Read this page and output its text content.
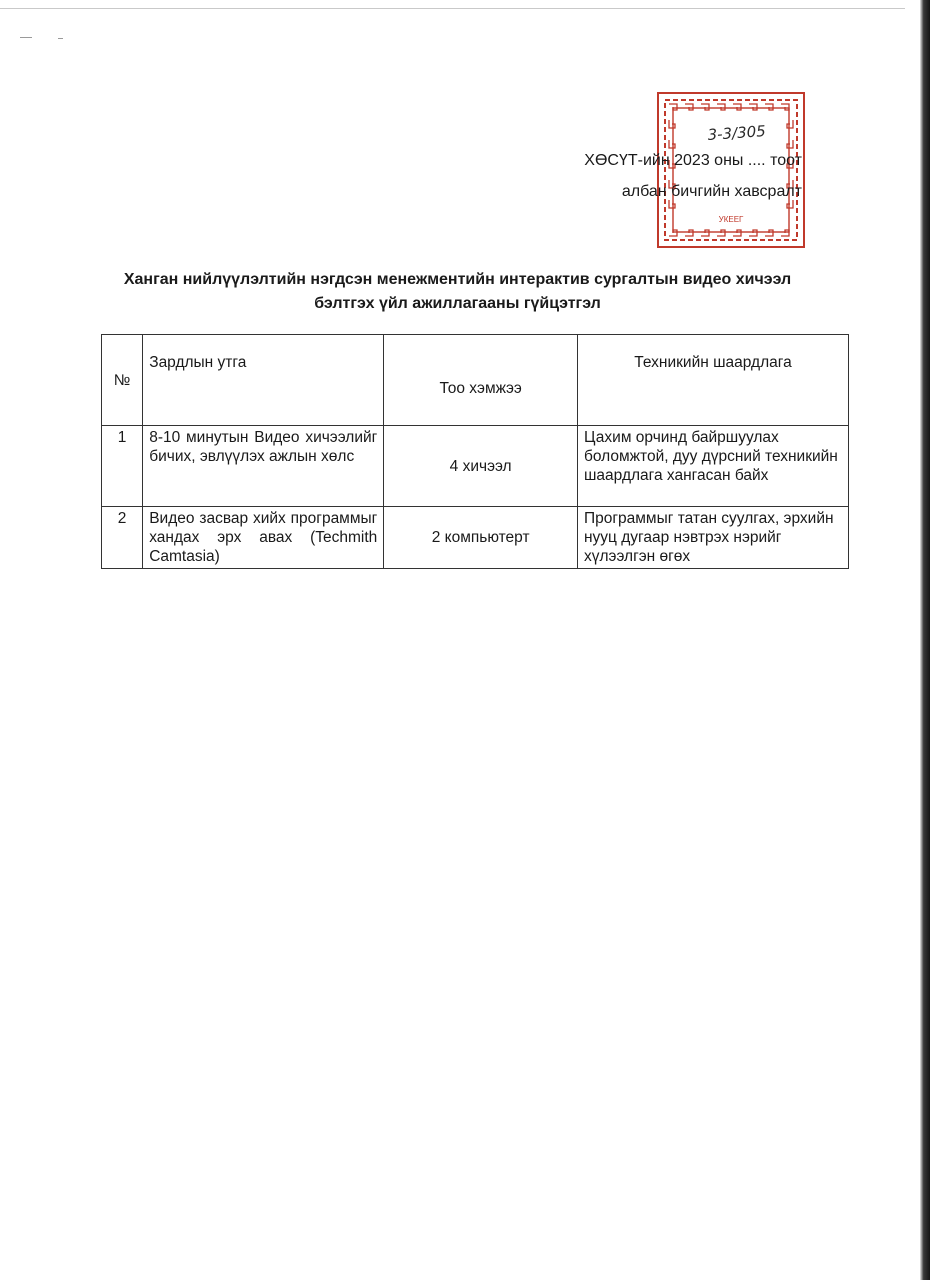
УКЕЕГ
3-3/305
ХӨСҮТ-ийн 2023 оны .... тоот
албан бичгийн хавсралт
Ханган нийлүүлэлтийн нэгдсэн менежментийн интерактив сургалтын видео хичээл бэлтгэх үйл ажиллагааны гүйцэтгэл
№	Зардлын утга	Тоо хэмжээ	Техникийн шаардлага
1	8-10 минутын Видео хичээлийг бичих, эвлүүлэх ажлын хөлс	4 хичээл	Цахим орчинд байршуулах боломжтой, дуу дүрсний техникийн шаардлага хангасан байх
2	Видео засвар хийх программыг хандах эрх авах (Techmith Camtasia)	2 компьютерт	Программыг татан суулгах, эрхийн нууц дугаар нэвтрэх нэрийг хүлээлгэн өгөх
